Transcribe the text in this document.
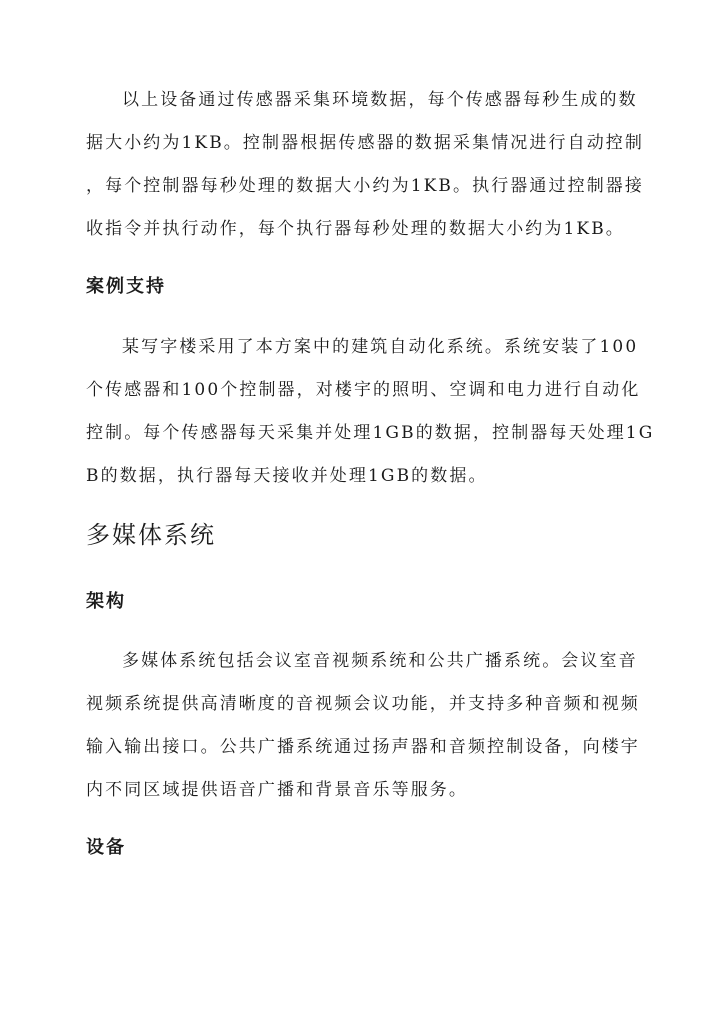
以上设备通过传感器采集环境数据，每个传感器每秒生成的数
据大小约为1KB。控制器根据传感器的数据采集情况进行自动控制
，每个控制器每秒处理的数据大小约为1KB。执行器通过控制器接
收指令并执行动作，每个执行器每秒处理的数据大小约为1KB。
案例支持
某写字楼采用了本方案中的建筑自动化系统。系统安装了100
个传感器和100个控制器，对楼宇的照明、空调和电力进行自动化
控制。每个传感器每天采集并处理1GB的数据，控制器每天处理1G
B的数据，执行器每天接收并处理1GB的数据。
多媒体系统
架构
多媒体系统包括会议室音视频系统和公共广播系统。会议室音
视频系统提供高清晰度的音视频会议功能，并支持多种音频和视频
输入输出接口。公共广播系统通过扬声器和音频控制设备，向楼宇
内不同区域提供语音广播和背景音乐等服务。
设备
